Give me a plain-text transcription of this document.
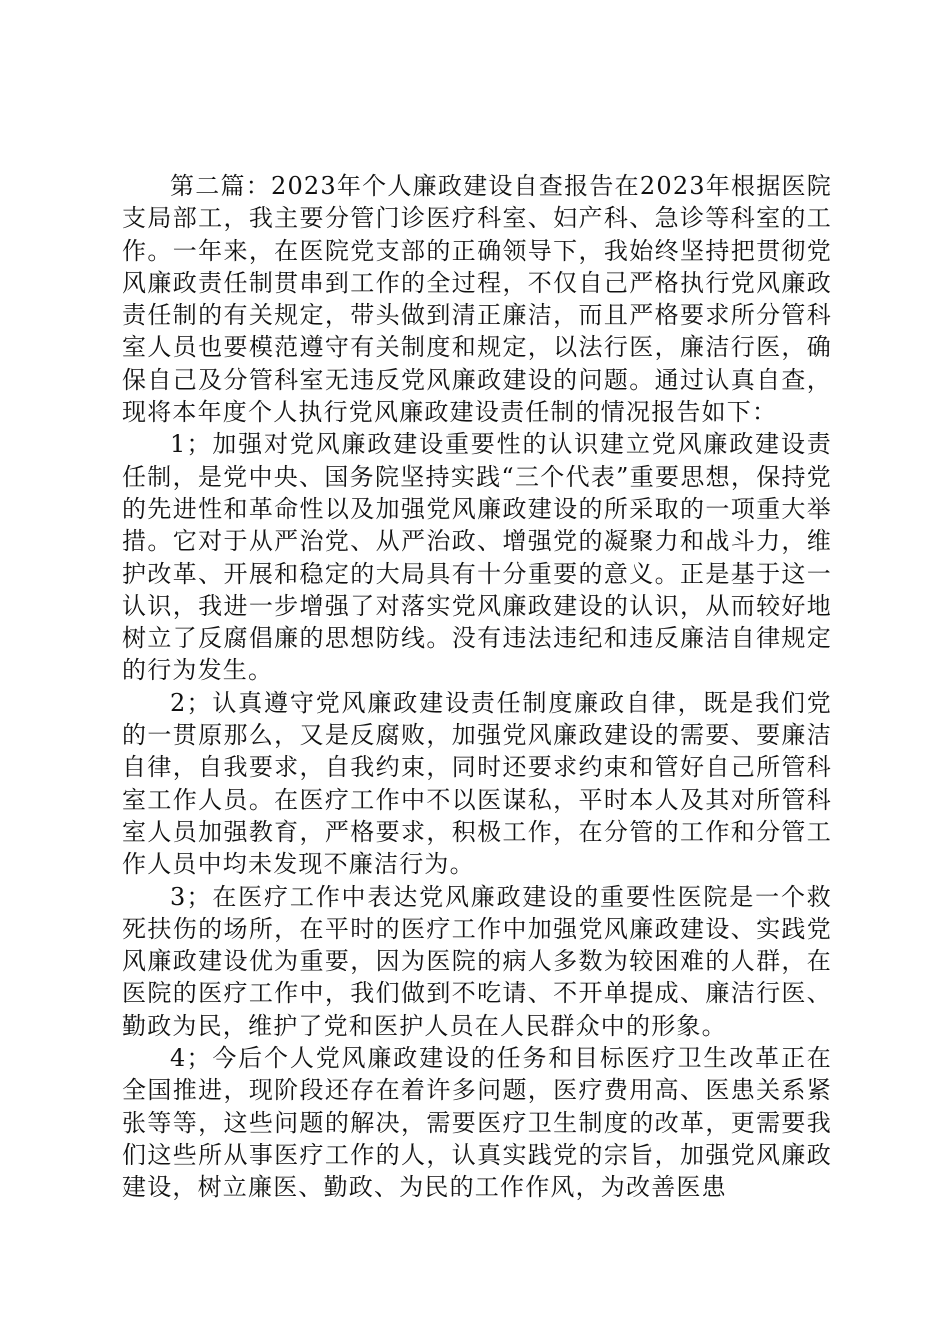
第二篇：2023年个人廉政建设自查报告在2023年根据医院支局部工，我主要分管门诊医疗科室、妇产科、急诊等科室的工作。一年来，在医院党支部的正确领导下，我始终坚持把贯彻党风廉政责任制贯串到工作的全过程，不仅自己严格执行党风廉政责任制的有关规定，带头做到清正廉洁，而且严格要求所分管科室人员也要模范遵守有关制度和规定，以法行医，廉洁行医，确保自己及分管科室无违反党风廉政建设的问题。通过认真自查，现将本年度个人执行党风廉政建设责任制的情况报告如下：

1；加强对党风廉政建设重要性的认识建立党风廉政建设责任制，是党中央、国务院坚持实践“三个代表”重要思想，保持党的先进性和革命性以及加强党风廉政建设的所采取的一项重大举措。它对于从严治党、从严治政、增强党的凝聚力和战斗力，维护改革、开展和稳定的大局具有十分重要的意义。正是基于这一认识，我进一步增强了对落实党风廉政建设的认识，从而较好地树立了反腐倡廉的思想防线。没有违法违纪和违反廉洁自律规定的行为发生。

2；认真遵守党风廉政建设责任制度廉政自律，既是我们党的一贯原那么，又是反腐败，加强党风廉政建设的需要、要廉洁自律，自我要求，自我约束，同时还要求约束和管好自己所管科室工作人员。在医疗工作中不以医谋私，平时本人及其对所管科室人员加强教育，严格要求，积极工作，在分管的工作和分管工作人员中均未发现不廉洁行为。

3；在医疗工作中表达党风廉政建设的重要性医院是一个救死扶伤的场所，在平时的医疗工作中加强党风廉政建设、实践党风廉政建设优为重要，因为医院的病人多数为较困难的人群，在医院的医疗工作中，我们做到不吃请、不开单提成、廉洁行医、勤政为民，维护了党和医护人员在人民群众中的形象。

4；今后个人党风廉政建设的任务和目标医疗卫生改革正在全国推进，现阶段还存在着许多问题，医疗费用高、医患关系紧张等等，这些问题的解决，需要医疗卫生制度的改革，更需要我们这些所从事医疗工作的人，认真实践党的宗旨，加强党风廉政建设，树立廉医、勤政、为民的工作作风，为改善医患
